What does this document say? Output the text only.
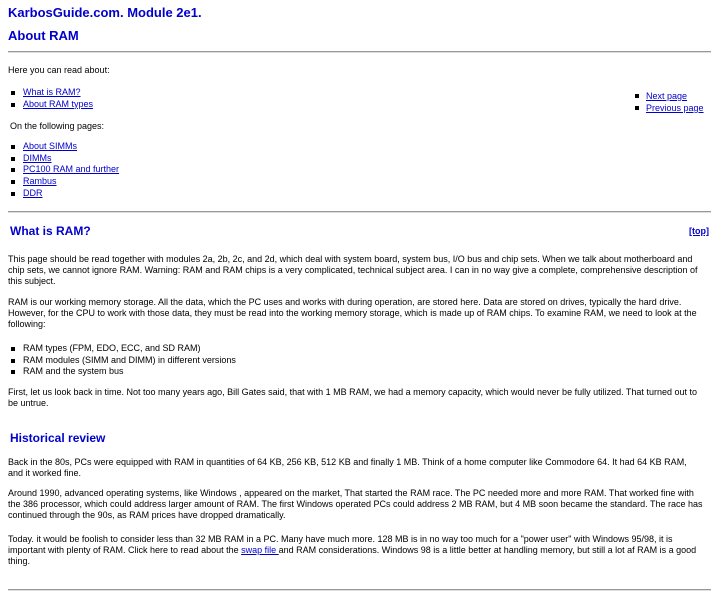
KarbosGuide.com. Module 2e1.
About RAM

Here you can read about:

What is RAM?
About RAM types
Next page
Previous page

On the following pages:

About SIMMs
DIMMs
PC100 RAM and further
Rambus
DDR
What is RAM?	[top]

This page should be read together with modules 2a, 2b, 2c, and 2d, which deal with system board, system bus, I/O bus and chip sets. When we talk about motherboard and chip sets, we cannot ignore RAM. Warning: RAM and RAM chips is a very complicated, technical subject area. I can in no way give a complete, comprehensive description of this subject.

RAM is our working memory storage. All the data, which the PC uses and works with during operation, are stored here. Data are stored on drives, typically the hard drive. However, for the CPU to work with those data, they must be read into the working memory storage, which is made up of RAM chips. To examine RAM, we need to look at the following:

RAM types (FPM, EDO, ECC, and SD RAM)
RAM modules (SIMM and DIMM) in different versions
RAM and the system bus

First, let us look back in time. Not too many years ago, Bill Gates said, that with 1 MB RAM, we had a memory capacity, which would never be fully utilized. That turned out to be untrue.

Historical review

Back in the 80s, PCs were equipped with RAM in quantities of 64 KB, 256 KB, 512 KB and finally 1 MB. Think of a home computer like Commodore 64. It had 64 KB RAM, and it worked fine.

Around 1990, advanced operating systems, like Windows , appeared on the market, That started the RAM race. The PC needed more and more RAM. That worked fine with the 386 processor, which could address larger amount of RAM. The first Windows operated PCs could address 2 MB RAM, but 4 MB soon became the standard. The race has continued through the 90s, as RAM prices have dropped dramatically.

Today. it would be foolish to consider less than 32 MB RAM in a PC. Many have much more. 128 MB is in no way too much for a "power user" with Windows 95/98, it is important with plenty of RAM. Click here to read about the swap file and RAM considerations. Windows 98 is a little better at handling memory, but still a lot af RAM is a good thing.
